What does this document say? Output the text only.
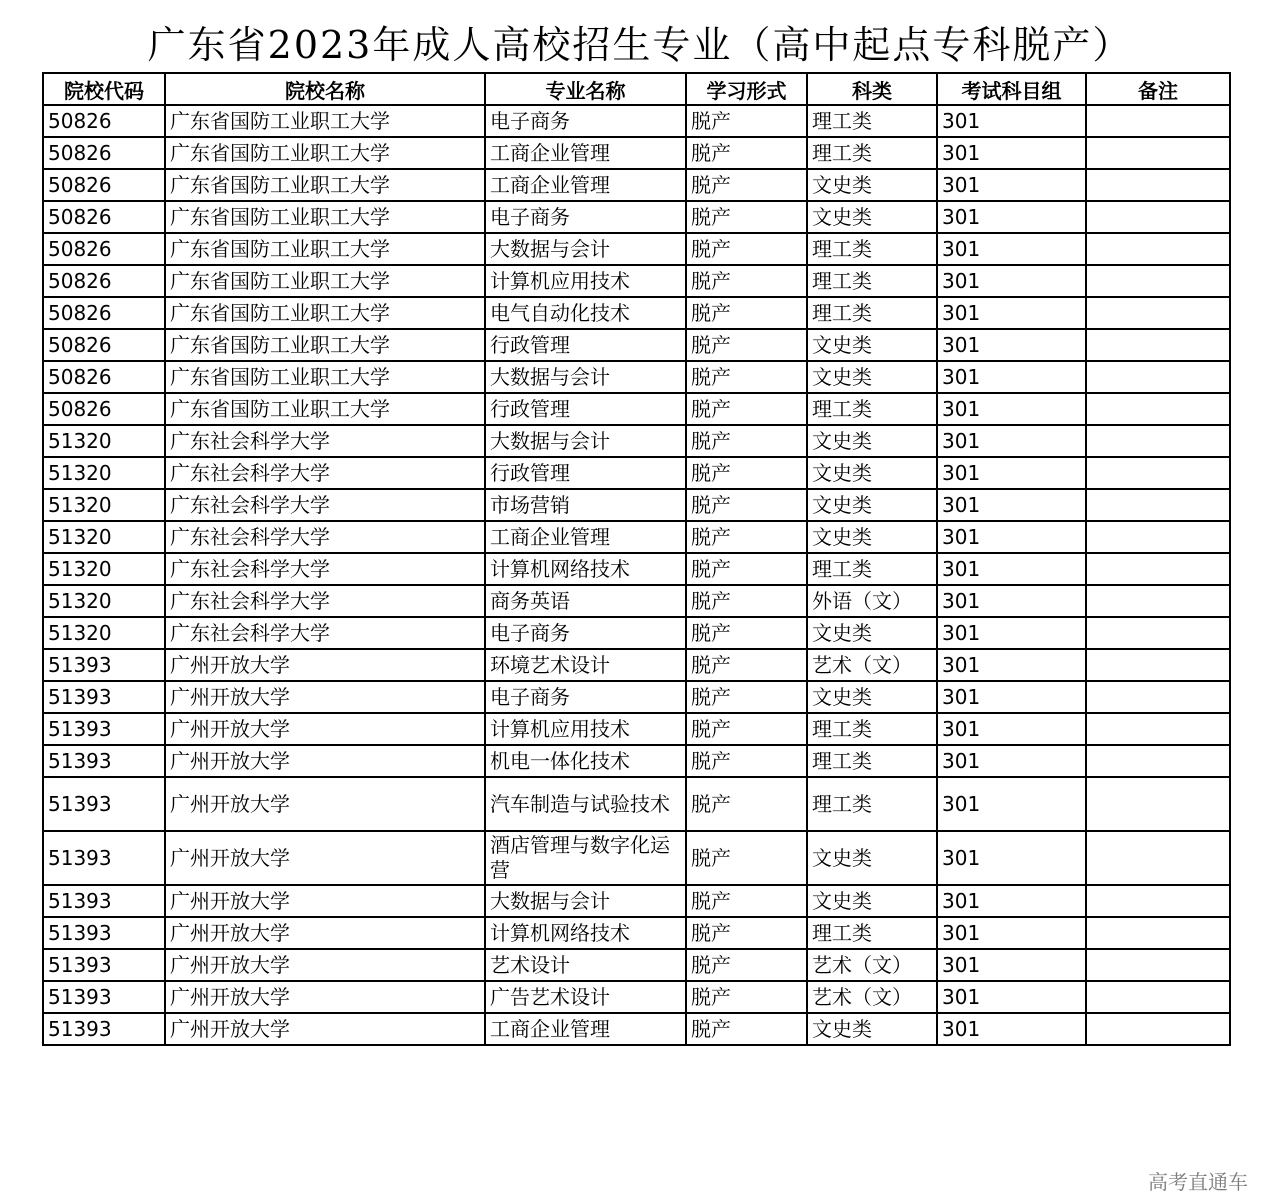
广东省2023年成人高校招生专业（高中起点专科脱产）
院校代码	院校名称	专业名称	学习形式	科类	考试科目组	备注
50826	广东省国防工业职工大学	电子商务	脱产	理工类	301	
50826	广东省国防工业职工大学	工商企业管理	脱产	理工类	301	
50826	广东省国防工业职工大学	工商企业管理	脱产	文史类	301	
50826	广东省国防工业职工大学	电子商务	脱产	文史类	301	
50826	广东省国防工业职工大学	大数据与会计	脱产	理工类	301	
50826	广东省国防工业职工大学	计算机应用技术	脱产	理工类	301	
50826	广东省国防工业职工大学	电气自动化技术	脱产	理工类	301	
50826	广东省国防工业职工大学	行政管理	脱产	文史类	301	
50826	广东省国防工业职工大学	大数据与会计	脱产	文史类	301	
50826	广东省国防工业职工大学	行政管理	脱产	理工类	301	
51320	广东社会科学大学	大数据与会计	脱产	文史类	301	
51320	广东社会科学大学	行政管理	脱产	文史类	301	
51320	广东社会科学大学	市场营销	脱产	文史类	301	
51320	广东社会科学大学	工商企业管理	脱产	文史类	301	
51320	广东社会科学大学	计算机网络技术	脱产	理工类	301	
51320	广东社会科学大学	商务英语	脱产	外语（文）	301	
51320	广东社会科学大学	电子商务	脱产	文史类	301	
51393	广州开放大学	环境艺术设计	脱产	艺术（文）	301	
51393	广州开放大学	电子商务	脱产	文史类	301	
51393	广州开放大学	计算机应用技术	脱产	理工类	301	
51393	广州开放大学	机电一体化技术	脱产	理工类	301	
51393	广州开放大学	汽车制造与试验技术	脱产	理工类	301	
51393	广州开放大学	酒店管理与数字化运营	脱产	文史类	301	
51393	广州开放大学	大数据与会计	脱产	文史类	301	
51393	广州开放大学	计算机网络技术	脱产	理工类	301	
51393	广州开放大学	艺术设计	脱产	艺术（文）	301	
51393	广州开放大学	广告艺术设计	脱产	艺术（文）	301	
51393	广州开放大学	工商企业管理	脱产	文史类	301	
高考直通车
